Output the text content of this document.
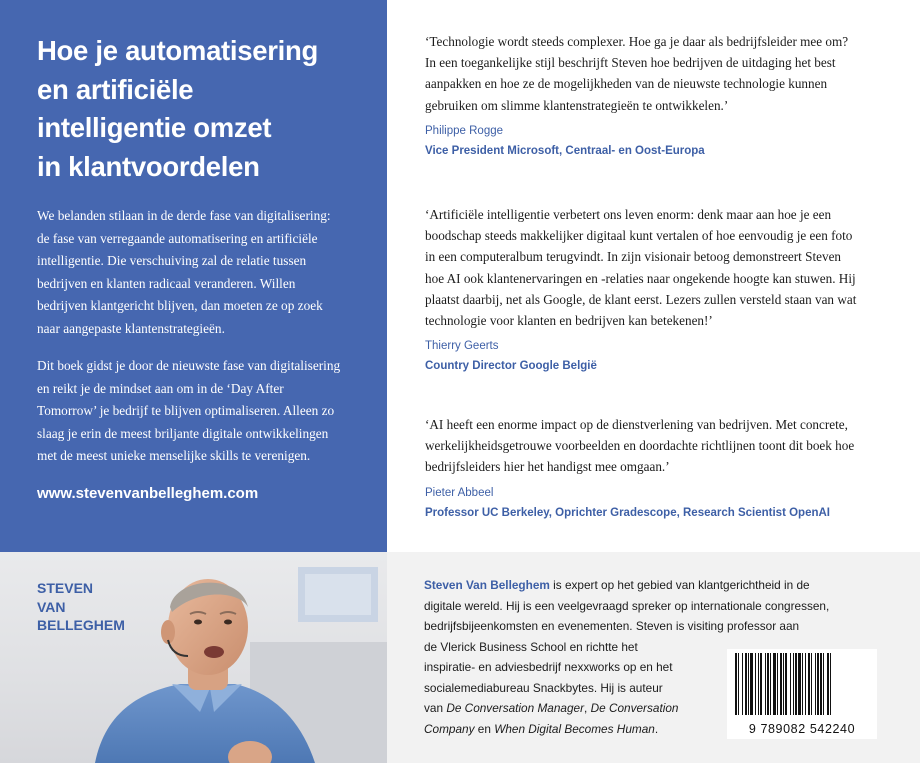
Hoe je automatisering
en artificiële
intelligentie omzet
in klantvoordelen

We belanden stilaan in de derde fase van digitalisering:
de fase van verregaande automatisering en artificiële
intelligentie. Die verschuiving zal de relatie tussen
bedrijven en klanten radicaal veranderen. Willen
bedrijven klantgericht blijven, dan moeten ze op zoek
naar aangepaste klantenstrategieën.

Dit boek gidst je door de nieuwste fase van digitalisering
en reikt je de mindset aan om in de ‘Day After
Tomorrow’ je bedrijf te blijven optimaliseren. Alleen zo
slaag je erin de meest briljante digitale ontwikkelingen
met de meest unieke menselijke skills te verenigen.

www.stevenvanbelleghem.com

‘Technologie wordt steeds complexer. Hoe ga je daar als bedrijfsleider mee om?
In een toegankelijke stijl beschrijft Steven hoe bedrijven de uitdaging het best
aanpakken en hoe ze de mogelijkheden van de nieuwste technologie kunnen
gebruiken om slimme klantenstrategieën te ontwikkelen.’

Philippe Rogge
Vice President Microsoft, Centraal- en Oost-Europa

‘Artificiële intelligentie verbetert ons leven enorm: denk maar aan hoe je een
boodschap steeds makkelijker digitaal kunt vertalen of hoe eenvoudig je een foto
in een computeralbum terugvindt. In zijn visionair betoog demonstreert Steven
hoe AI ook klantenervaringen en -relaties naar ongekende hoogte kan stuwen. Hij
plaatst daarbij, net als Google, de klant eerst. Lezers zullen versteld staan van wat
technologie voor klanten en bedrijven kan betekenen!’

Thierry Geerts
Country Director Google België

‘AI heeft een enorme impact op de dienstverlening van bedrijven. Met concrete,
werkelijkheidsgetrouwe voorbeelden en doordachte richtlijnen toont dit boek hoe
bedrijfsleiders hier het handigst mee omgaan.’

Pieter Abbeel
Professor UC Berkeley, Oprichter Gradescope, Research Scientist OpenAI

STEVEN
VAN
BELLEGHEM

Steven Van Belleghem is expert op het gebied van klantgerichtheid in de
digitale wereld. Hij is een veelgevraagd spreker op internationale congressen,
bedrijfsbijeenkomsten en evenementen. Steven is visiting professor aan
de Vlerick Business School en richtte het
inspiratie- en adviesbedrijf nexxworks op en het
socialemediabureau Snackbytes. Hij is auteur
van De Conversation Manager, De Conversation
Company en When Digital Becomes Human.	9 789082 542240
